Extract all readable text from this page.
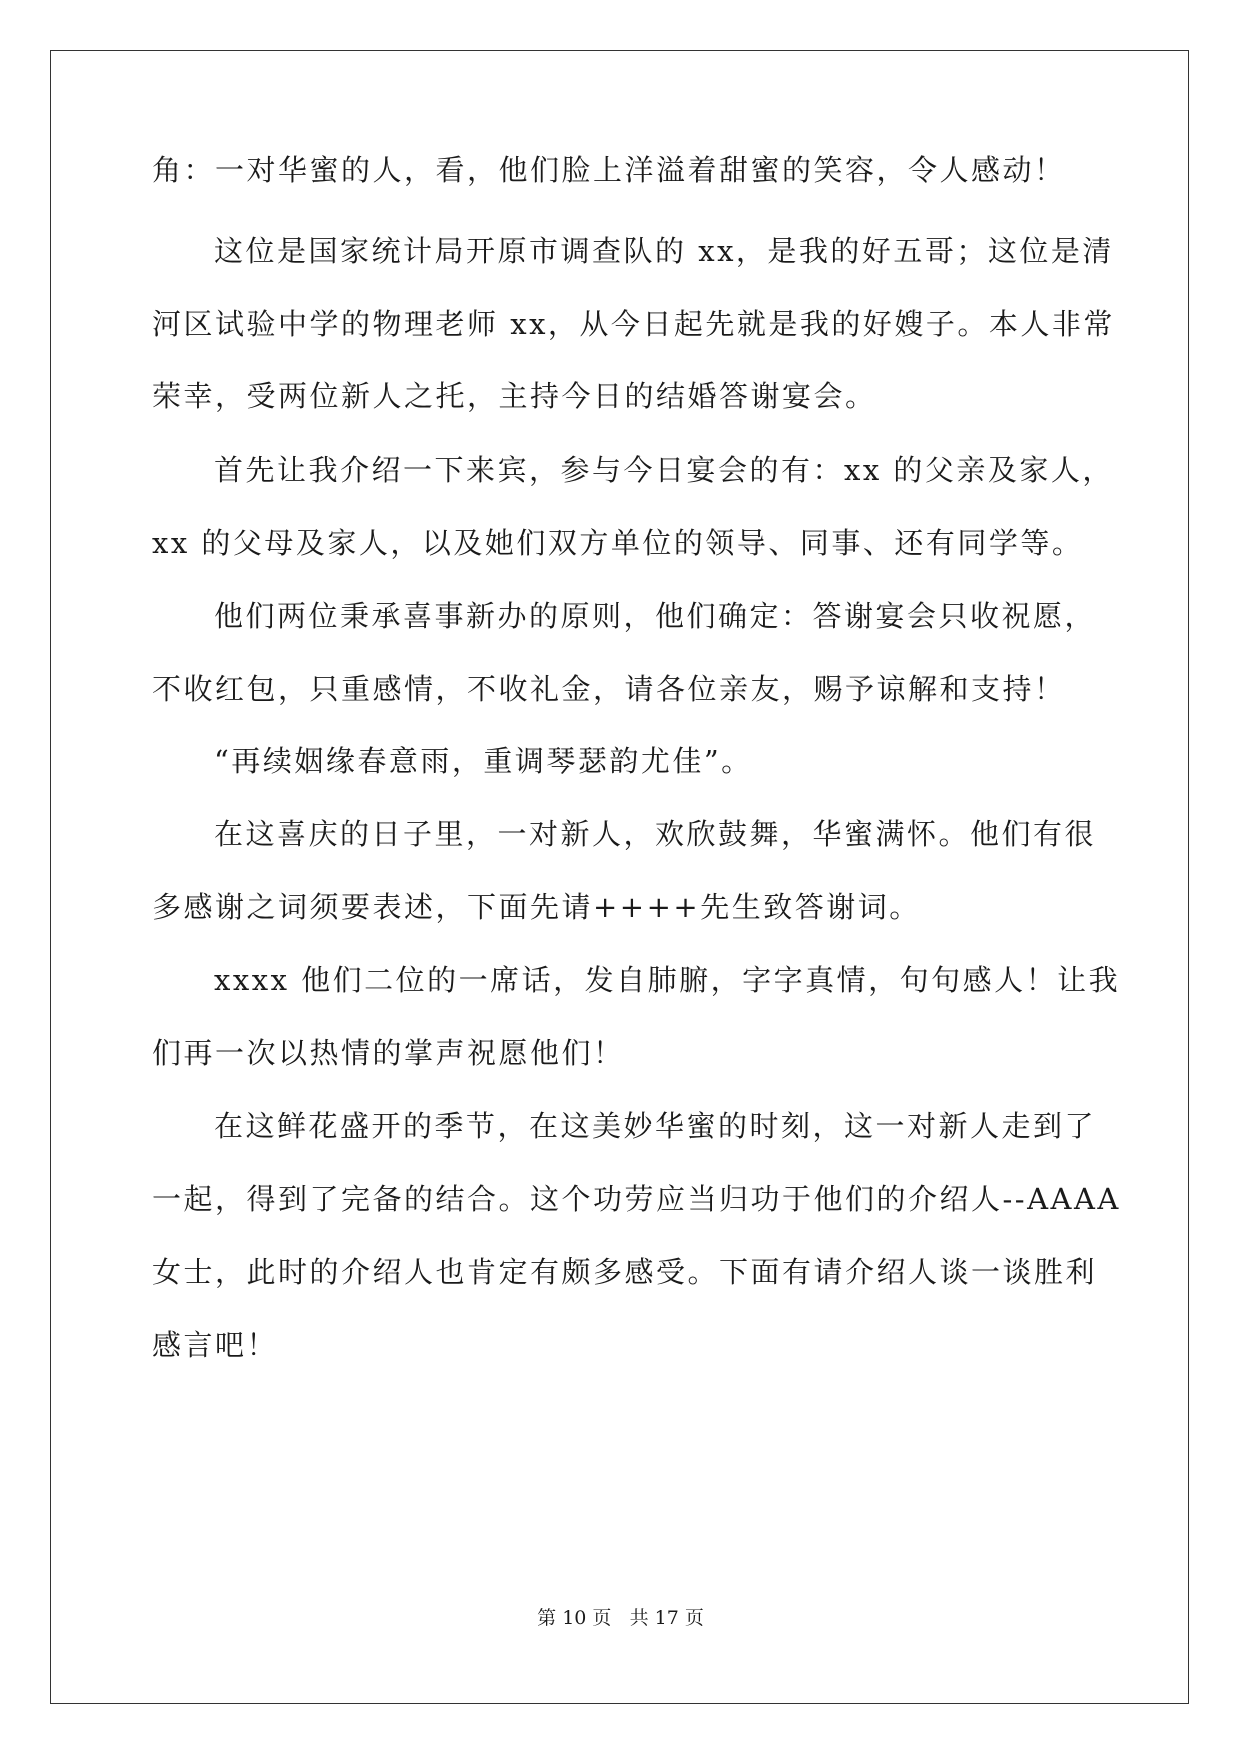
角：一对华蜜的人，看，他们脸上洋溢着甜蜜的笑容，令人感动！
这位是国家统计局开原市调查队的 xx，是我的好五哥；这位是清
河区试验中学的物理老师 xx，从今日起先就是我的好嫂子。本人非常
荣幸，受两位新人之托，主持今日的结婚答谢宴会。
首先让我介绍一下来宾，参与今日宴会的有：xx 的父亲及家人，
xx 的父母及家人，以及她们双方单位的领导、同事、还有同学等。
他们两位秉承喜事新办的原则，他们确定：答谢宴会只收祝愿，
不收红包，只重感情，不收礼金，请各位亲友，赐予谅解和支持！
“再续姻缘春意雨，重调琴瑟韵尤佳”。
在这喜庆的日子里，一对新人，欢欣鼓舞，华蜜满怀。他们有很
多感谢之词须要表述，下面先请++++先生致答谢词。
xxxx 他们二位的一席话，发自肺腑，字字真情，句句感人！让我
们再一次以热情的掌声祝愿他们！
在这鲜花盛开的季节，在这美妙华蜜的时刻，这一对新人走到了
一起，得到了完备的结合。这个功劳应当归功于他们的介绍人--AAAA
女士，此时的介绍人也肯定有颇多感受。下面有请介绍人谈一谈胜利
感言吧！
第 10 页 共 17 页
